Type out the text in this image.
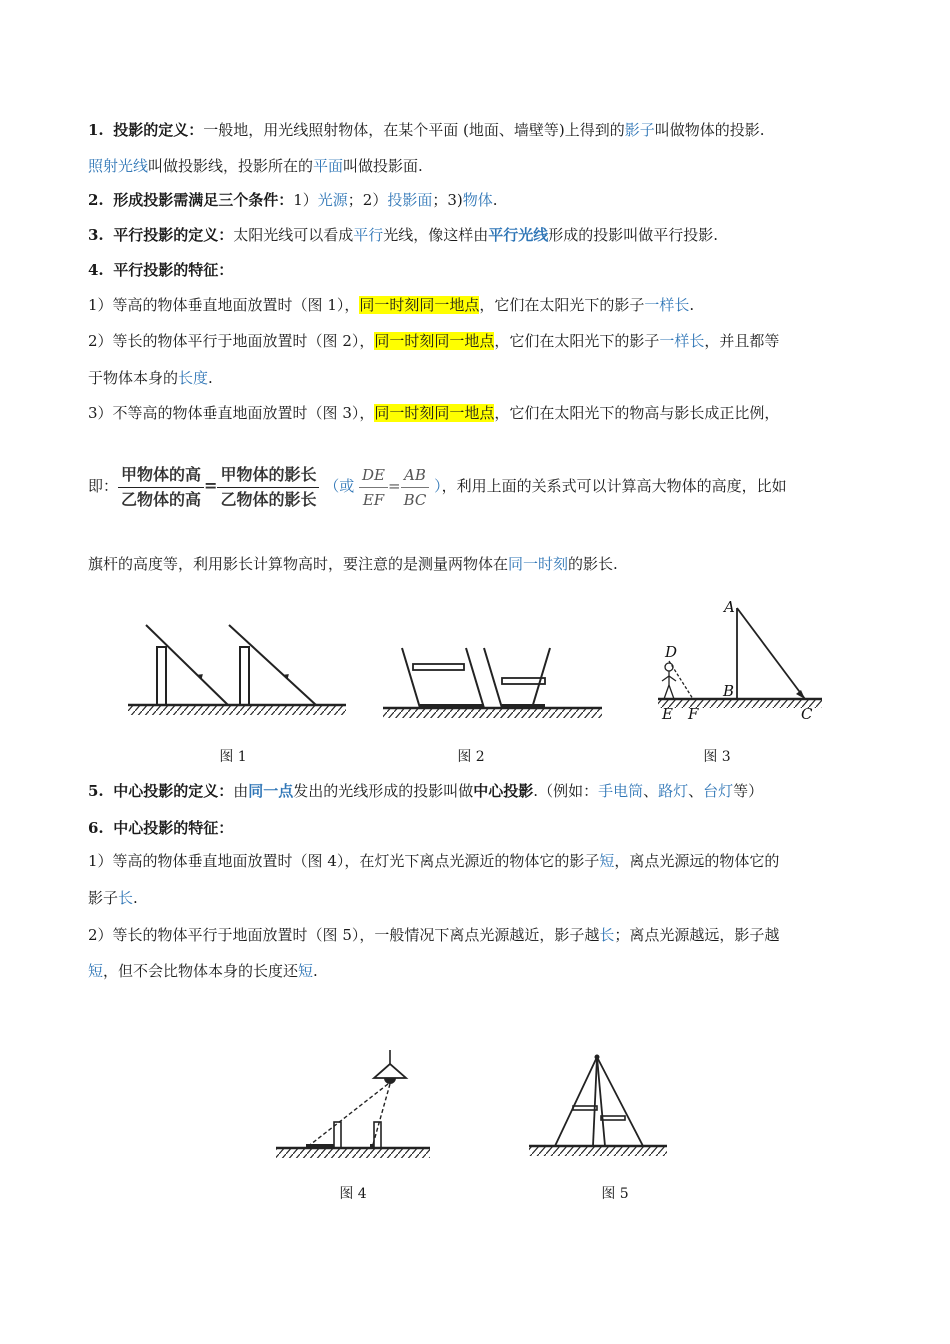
1. 投影的定义：一般地，用光线照射物体，在某个平面 (地面、墙壁等)上得到的影子叫做物体的投影.
照射光线叫做投影线，投影所在的平面叫做投影面.
2. 形成投影需满足三个条件：1）光源；2）投影面；3)物体.
3. 平行投影的定义：太阳光线可以看成平行光线，像这样由平行光线形成的投影叫做平行投影.
4. 平行投影的特征：
1）等高的物体垂直地面放置时（图 1），同一时刻同一地点，它们在太阳光下的影子一样长.
2）等长的物体平行于地面放置时（图 2），同一时刻同一地点，它们在太阳光下的影子一样长，并且都等
于物体本身的长度.
3）不等高的物体垂直地面放置时（图 3），同一时刻同一地点，它们在太阳光下的物高与影长成正比例，
即： $\frac{\text{甲物体的高}}{\text{乙物体的高}} = \frac{\text{甲物体的影长}}{\text{乙物体的影长}}$ （或 $\frac{DE}{EF} = \frac{AB}{BC}$ ），利用上面的关系式可以计算高大物体的高度，比如
旗杆的高度等，利用影长计算物高时，要注意的是测量两物体在同一时刻的影长.
图 1	图 2
A
B
C
D
E F
图 3
5. 中心投影的定义：由同一点发出的光线形成的投影叫做中心投影.（例如：手电筒、路灯、台灯等）
6. 中心投影的特征：
1）等高的物体垂直地面放置时（图 4），在灯光下离点光源近的物体它的影子短，离点光源远的物体它的
影子长.
2）等长的物体平行于地面放置时（图 5），一般情况下离点光源越近，影子越长；离点光源越远，影子越
短，但不会比物体本身的长度还短.
图 4	图 5
